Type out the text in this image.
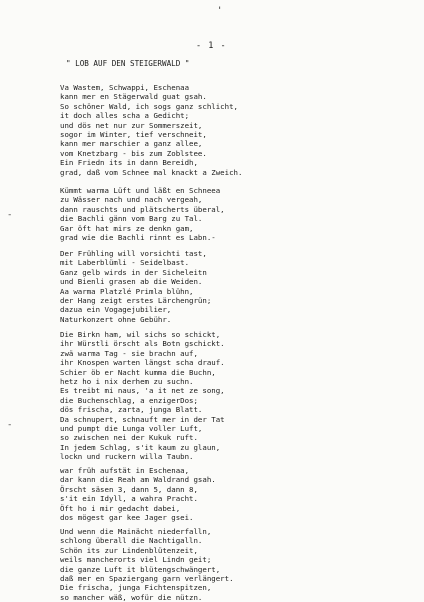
'
- 1 -
" LOB AUF DEN STEIGERWALD "
Va Wastem, Schwappi, Eschenaa
kann mer en Stägerwald guat gsah.
So schöner Wald, ich sogs ganz schlicht,
it doch alles scha a Gedicht;
und dös net nur zur Sommerszeit,
sogor im Winter, tief verschneit,
kann mer marschier a ganz allee,
vom Knetzbarg - bis zum Zoblstee.
Ein Friedn its in dann Bereidh,
grad, daß vom Schnee mal knackt a Zweich.
Kümmt warma Lüft und läßt en Schneea
zu Wässer nach und nach vergeah,
dann rauschts und plätscherts überal,
die Bachli gänn vom Barg zu Tal.
Gar öft hat mirs ze denkn gam,
grad wie die Bachli rinnt es Labn.-
Der Frühling will vorsichti tast,
mit Laberblümli - Seidelbast.
Ganz gelb wirds in der Sicheleitn
und Bienli grasen ab die Weiden.
Aa warma Platzlé Primla blühn,
der Hang zeigt erstes Lärchengrün;
dazua ein Vogagejubilier,
Naturkonzert ohne Gebühr.
Die Birkn ham, wil sichs so schickt,
ihr Würstli örscht als Botn gschickt.
zwä warma Tag - sie brachn auf,
ihr Knospen warten längst scha drauf.
Schier öb er Nacht kumma die Buchn,
hetz ho i nix derhem zu suchn.
Es treibt mi naus, 'a it net ze song,
die Buchenschlag, a enzigerDos;
dös frischa, zarta, junga Blatt.
Da schnupert, schnauft mer in der Tat
und pumpt die Lunga voller Luft,
so zwischen nei der Kukuk ruft.
In jedem Schlag, s'it kaum zu glaun,
lockn und ruckern willa Taubn.
war früh aufstät in Eschenaa,
dar kann die Reah am Waldrand gsah.
Örscht säsen 3, dann 5, dann 8,
s'it ein Idyll, a wahra Pracht.
Öft ho i mir gedacht dabei,
dos mögest gar kee Jager gsei.
Und wenn die Mainächt niederfalln,
schlong überall die Nachtigalln.
Schön its zur Lindenblütenzeit,
weils mancherorts viel Lindn geit;
die ganze Luft it blütengschwängert,
daß mer en Spaziergang garn verlängert.
Die frischa, junga Fichtenspitzen,
so mancher wäß, wofür die nützn.
-
-
